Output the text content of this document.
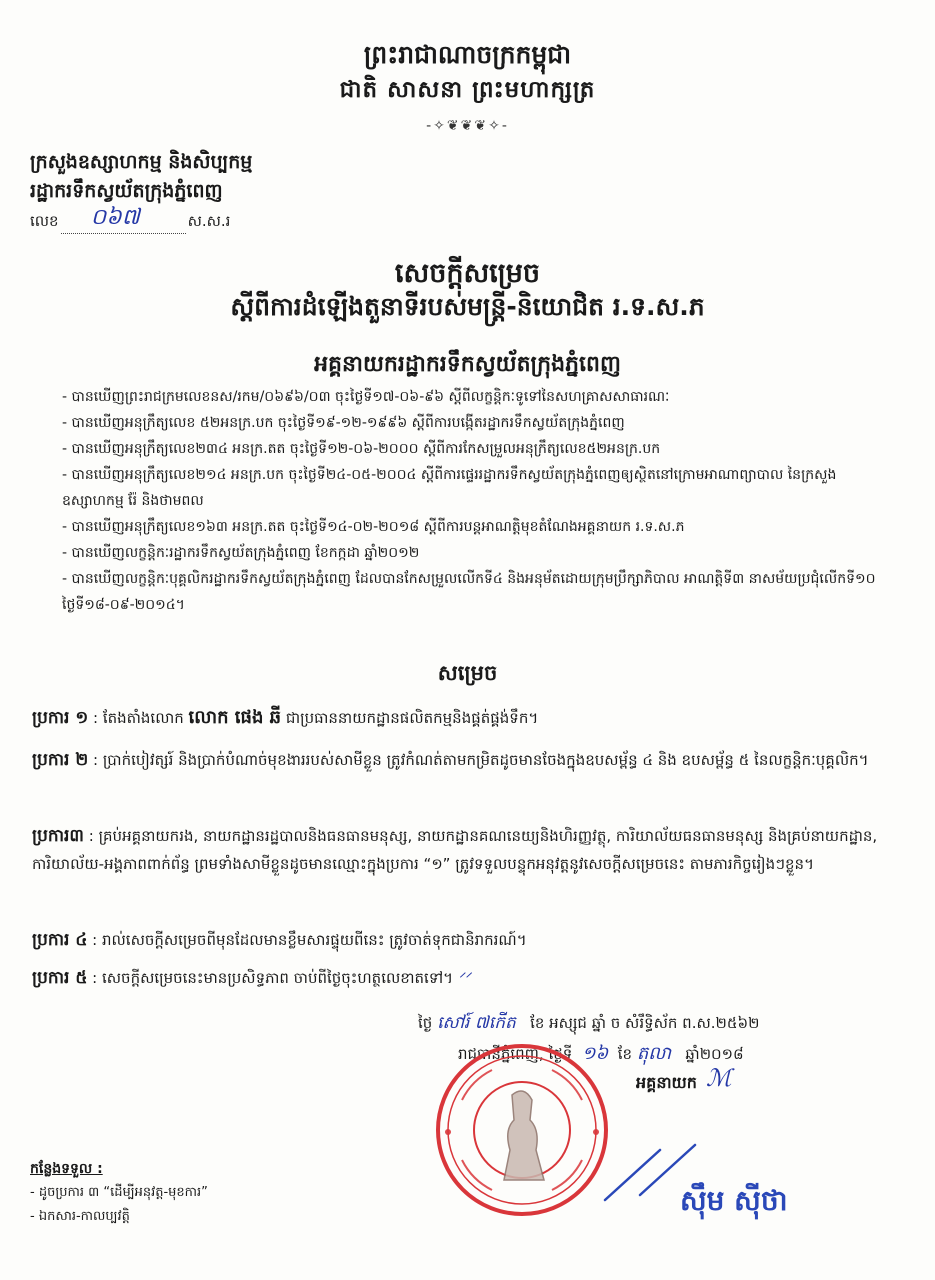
ព្រះរាជាណាចក្រកម្ពុជា
ជាតិ សាសនា ព្រះមហាក្សត្រ
-✧❦❦❦✧-
ក្រសួងឧស្សាហកម្ម និងសិប្បកម្ម
រដ្ឋាករទឹកស្វយ័តក្រុងភ្នំពេញ
លេខ ០៦៧	ស.ស.រ
សេចក្តីសម្រេច
ស្តីពីការដំឡើងតួនាទីរបស់មន្ត្រី-និយោជិត រ.ទ.ស.ភ
អគ្គនាយករដ្ឋាករទឹកស្វយ័តក្រុងភ្នំពេញ
- បានឃើញព្រះរាជក្រមលេខនស/រកម/០៦៩៦/០៣ ចុះថ្ងៃទី១៧-០៦-៩៦ ស្តីពីលក្ខន្តិកៈទូទៅនៃសហគ្រាសសាធារណៈ
- បានឃើញអនុក្រឹត្យលេខ ៥២អនក្រ.បក ចុះថ្ងៃទី១៩-១២-១៩៩៦ ស្តីពីការបង្កើតរដ្ឋាករទឹកស្វយ័តក្រុងភ្នំពេញ
- បានឃើញអនុក្រឹត្យលេខ២៣៤ អនក្រ.តត ចុះថ្ងៃទី១២-០៦-២០០០ ស្តីពីការកែសម្រួលអនុក្រឹត្យលេខ៥២អនក្រ.បក
- បានឃើញអនុក្រឹត្យលេខ២១៤ អនក្រ.បក ចុះថ្ងៃទី២៤-០៥-២០០៤ ស្តីពីការផ្ទេររដ្ឋាករទឹកស្វយ័តក្រុងភ្នំពេញឲ្យស្ថិតនៅក្រោមអាណាព្យាបាល នៃក្រសួងឧស្សាហកម្ម រ៉ែ និងថាមពល
- បានឃើញអនុក្រឹត្យលេខ១៦៣ អនក្រ.តត ចុះថ្ងៃទី១៤-០២-២០១៨ ស្តីពីការបន្តអាណត្តិមុខតំណែងអគ្គនាយក រ.ទ.ស.ភ
- បានឃើញលក្ខន្តិកៈរដ្ឋាករទឹកស្វយ័តក្រុងភ្នំពេញ ខែកក្កដា ឆ្នាំ២០១២
- បានឃើញលក្ខន្តិកៈបុគ្គលិករដ្ឋាករទឹកស្វយ័តក្រុងភ្នំពេញ ដែលបានកែសម្រួលលើកទី៤ និងអនុម័តដោយក្រុមប្រឹក្សាភិបាល អាណត្តិទី៣ នាសម័យប្រជុំលើកទី១០ ថ្ងៃទី១៨-០៩-២០១៤។
សម្រេច
ប្រការ ១ : តែងតាំងលោក លោក ផេង ឆី ជាប្រធាននាយកដ្ឋានផលិតកម្មនិងផ្គត់ផ្គង់ទឹក។
ប្រការ ២ : ប្រាក់បៀវត្សរ៍ និងប្រាក់បំណាច់មុខងាររបស់សាមីខ្លួន ត្រូវកំណត់តាមកម្រិតដូចមានចែងក្នុងឧបសម្ព័ន្ធ ៤ និង ឧបសម្ព័ន្ធ ៥ នៃលក្ខន្តិកៈបុគ្គលិក។
ប្រការ៣ : គ្រប់អគ្គនាយករង, នាយកដ្ឋានរដ្ឋបាលនិងធនធានមនុស្ស, នាយកដ្ឋានគណនេយ្យនិងហិរញ្ញវត្ថុ, ការិយាល័យធនធានមនុស្ស និងគ្រប់នាយកដ្ឋាន, ការិយាល័យ-អង្គភាពពាក់ព័ន្ធ ព្រមទាំងសាមីខ្លួនដូចមានឈ្មោះក្នុងប្រការ “១” ត្រូវទទួលបន្ទុកអនុវត្តនូវសេចក្តីសម្រេចនេះ តាមភារកិច្ចរៀងៗខ្លួន។
ប្រការ ៤ : រាល់សេចក្តីសម្រេចពីមុនដែលមានខ្លឹមសារផ្ទុយពីនេះ ត្រូវចាត់ទុកជានិរាករណ៍។
ប្រការ ៥ : សេចក្តីសម្រេចនេះមានប្រសិទ្ធភាព ចាប់ពីថ្ងៃចុះហត្ថលេខាតទៅ។ ᐟᐟ
ថ្ងៃ សៅរ៍ ៧កើត ខែ អស្សុជ ឆ្នាំ ច សំរឹទ្ធិស័ក ព.ស.២៥៦២
រាជធានីភ្នំពេញ, ថ្ងៃទី ១៦ ខែ តុលា ឆ្នាំ២០១៨
អគ្គនាយក ℳ
ស៊ឹម ស៊ីថា
កន្លែងទទួល :
- ដូចប្រការ ៣ “ដើម្បីអនុវត្ត-មុខការ”
- ឯកសារ-កាលប្បវត្តិ
